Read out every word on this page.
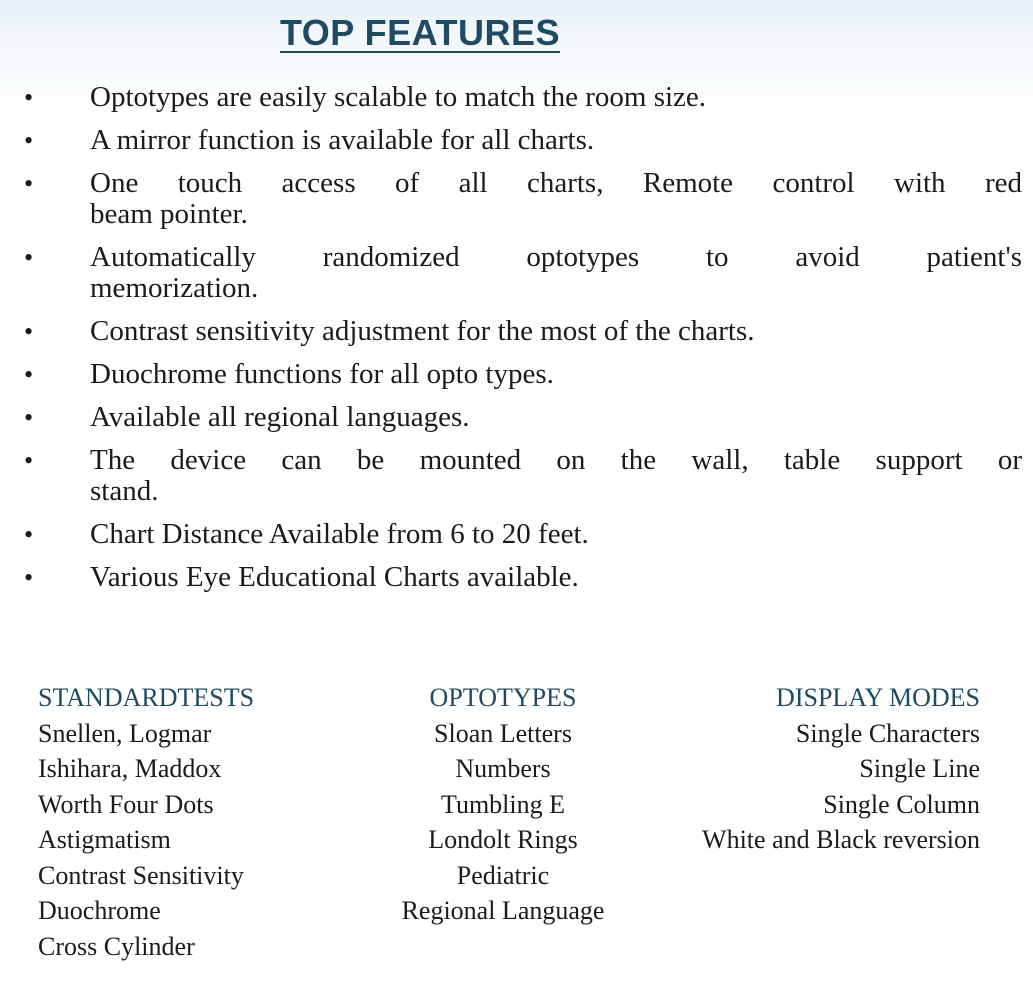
TOP FEATURES
• Optotypes are easily scalable to match the room size.
• A mirror function is available for all charts.
• One touch access of all charts, Remote control with red
beam pointer.
• Automatically randomized optotypes to avoid patient's
memorization.
• Contrast sensitivity adjustment for the most of the charts.
• Duochrome functions for all opto types.
• Available all regional languages.
• The device can be mounted on the wall, table support or
stand.
• Chart Distance Available from 6 to 20 feet.
• Various Eye Educational Charts available.
STANDARDTESTS
Snellen, Logmar
Ishihara, Maddox
Worth Four Dots
Astigmatism
Contrast Sensitivity
Duochrome
Cross Cylinder
OPTOTYPES
Sloan Letters
Numbers
Tumbling E
Londolt Rings
Pediatric
Regional Language
DISPLAY MODES
Single Characters
Single Line
Single Column
White and Black reversion
